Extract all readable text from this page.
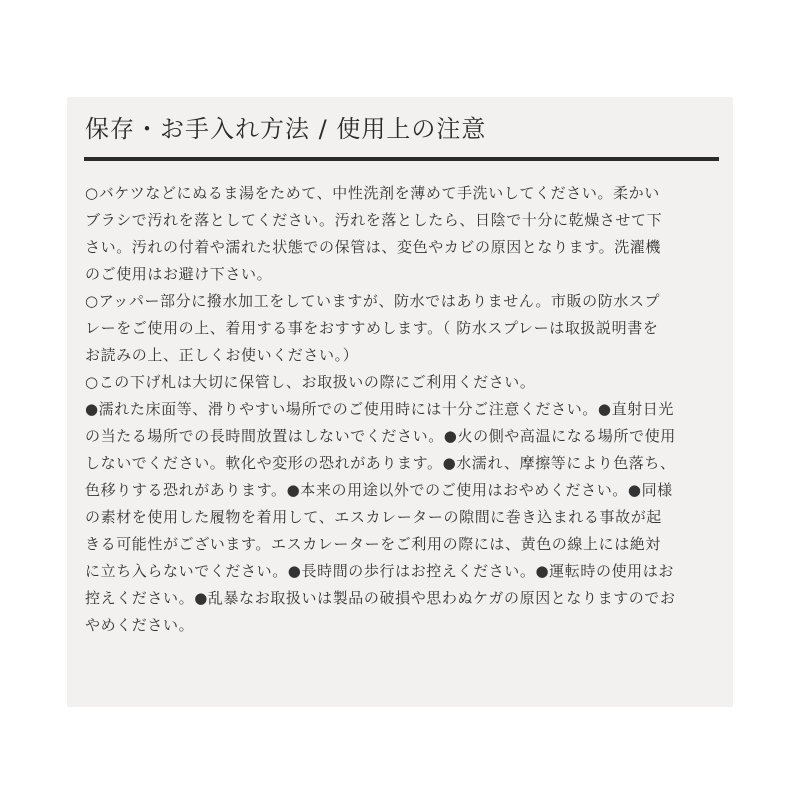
保存・お手入れ方法 / 使用上の注意
○バケツなどにぬるま湯をためて、中性洗剤を薄めて手洗いしてください。柔かい
ブラシで汚れを落としてください。汚れを落としたら、日陰で十分に乾燥させて下
さい。汚れの付着や濡れた状態での保管は、変色やカビの原因となります。洗濯機
のご使用はお避け下さい。
○アッパー部分に撥水加工をしていますが、防水ではありません。市販の防水スプ
レーをご使用の上、着用する事をおすすめします。（ 防水スプレーは取扱説明書を
お読みの上、正しくお使いください。）
○この下げ札は大切に保管し、お取扱いの際にご利用ください。
●濡れた床面等、滑りやすい場所でのご使用時には十分ご注意ください。●直射日光
の当たる場所での長時間放置はしないでください。●火の側や高温になる場所で使用
しないでください。軟化や変形の恐れがあります。●水濡れ、摩擦等により色落ち、
色移りする恐れがあります。●本来の用途以外でのご使用はおやめください。●同様
の素材を使用した履物を着用して、エスカレーターの隙間に巻き込まれる事故が起
きる可能性がございます。エスカレーターをご利用の際には、黄色の線上には絶対
に立ち入らないでください。●長時間の歩行はお控えください。●運転時の使用はお
控えください。●乱暴なお取扱いは製品の破損や思わぬケガの原因となりますのでお
やめください。
